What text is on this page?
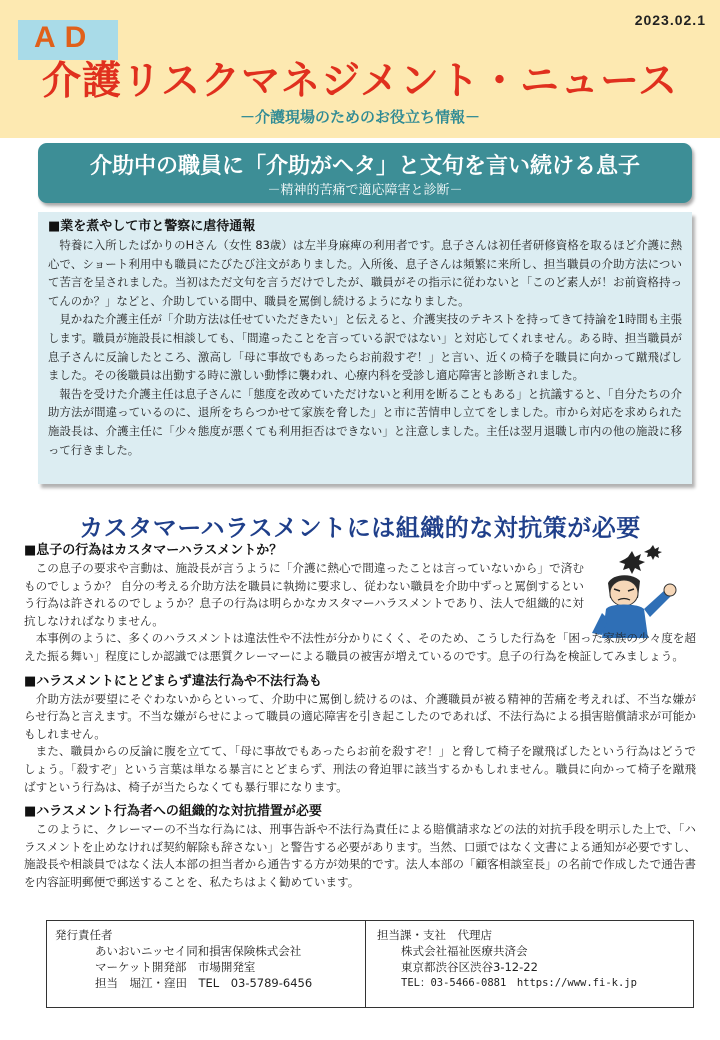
AD
2023.02.1
介護リスクマネジメント・ニュース
－介護現場のためのお役立ち情報－
介助中の職員に「介助がヘタ」と文句を言い続ける息子
－精神的苦痛で適応障害と診断－

■業を煮やして市と警察に虐待通報

特養に入所したばかりのHさん（女性 83歳）は左半身麻痺の利用者です。息子さんは初任者研修資格を取るほど介護に熱心で、ショート利用中も職員にたびたび注文がありました。入所後、息子さんは頻繁に来所し、担当職員の介助方法について苦言を呈されました。当初はただ文句を言うだけでしたが、職員がその指示に従わないと「このど素人が！お前資格持ってんのか？」などと、介助している間中、職員を罵倒し続けるようになりました。

見かねた介護主任が「介助方法は任せていただきたい」と伝えると、介護実技のテキストを持ってきて持論を1時間も主張します。職員が施設長に相談しても、「間違ったことを言っている訳ではない」と対応してくれません。ある時、担当職員が息子さんに反論したところ、激高し「母に事故でもあったらお前殺すぞ！」と言い、近くの椅子を職員に向かって蹴飛ばしました。その後職員は出勤する時に激しい動悸に襲われ、心療内科を受診し適応障害と診断されました。

報告を受けた介護主任は息子さんに「態度を改めていただけないと利用を断ることもある」と抗議すると、「自分たちの介助方法が間違っているのに、退所をちらつかせて家族を脅した」と市に苦情申し立てをしました。市から対応を求められた施設長は、介護主任に「少々態度が悪くても利用拒否はできない」と注意しました。主任は翌月退職し市内の他の施設に移って行きました。

カスタマーハラスメントには組織的な対抗策が必要

■息子の行為はカスタマーハラスメントか？

この息子の要求や言動は、施設長が言うように「介護に熱心で間違ったことは言っていないから」で済むものでしょうか？ 自分の考える介助方法を職員に執拗に要求し、従わない職員を介助中ずっと罵倒するという行為は許されるのでしょうか？息子の行為は明らかなカスタマーハラスメントであり、法人で組織的に対抗しなければなりません。

本事例のように、多くのハラスメントは違法性や不法性が分かりにくく、そのため、こうした行為を「困った家族の少々度を超えた振る舞い」程度にしか認識では悪質クレーマーによる職員の被害が増えているのです。息子の行為を検証してみましょう。

■ハラスメントにとどまらず違法行為や不法行為も

介助方法が要望にそぐわないからといって、介助中に罵倒し続けるのは、介護職員が被る精神的苦痛を考えれば、不当な嫌がらせ行為と言えます。不当な嫌がらせによって職員の適応障害を引き起こしたのであれば、不法行為による損害賠償請求が可能かもしれません。

また、職員からの反論に腹を立てて、「母に事故でもあったらお前を殺すぞ！」と脅して椅子を蹴飛ばしたという行為はどうでしょう。「殺すぞ」という言葉は単なる暴言にとどまらず、刑法の脅迫罪に該当するかもしれません。職員に向かって椅子を蹴飛ばすという行為は、椅子が当たらなくても暴行罪になります。

■ハラスメント行為者への組織的な対抗措置が必要

このように、クレーマーの不当な行為には、刑事告訴や不法行為責任による賠償請求などの法的対抗手段を明示した上で、「ハラスメントを止めなければ契約解除も辞さない」と警告する必要があります。当然、口頭ではなく文書による通知が必要ですし、施設長や相談員ではなく法人本部の担当者から通告する方が効果的です。法人本部の「顧客相談室長」の名前で作成したで通告書を内容証明郵便で郵送することを、私たちはよく勧めています。

発行責任者
あいおいニッセイ同和損害保険株式会社
マーケット開発部　市場開発室
担当　堀江・窪田　TEL　03-5789-6456
担当課・支社　代理店
株式会社福祉医療共済会
東京都渋谷区渋谷3-12-22
TEL：03-5466-0881　https://www.fi-k.jp
